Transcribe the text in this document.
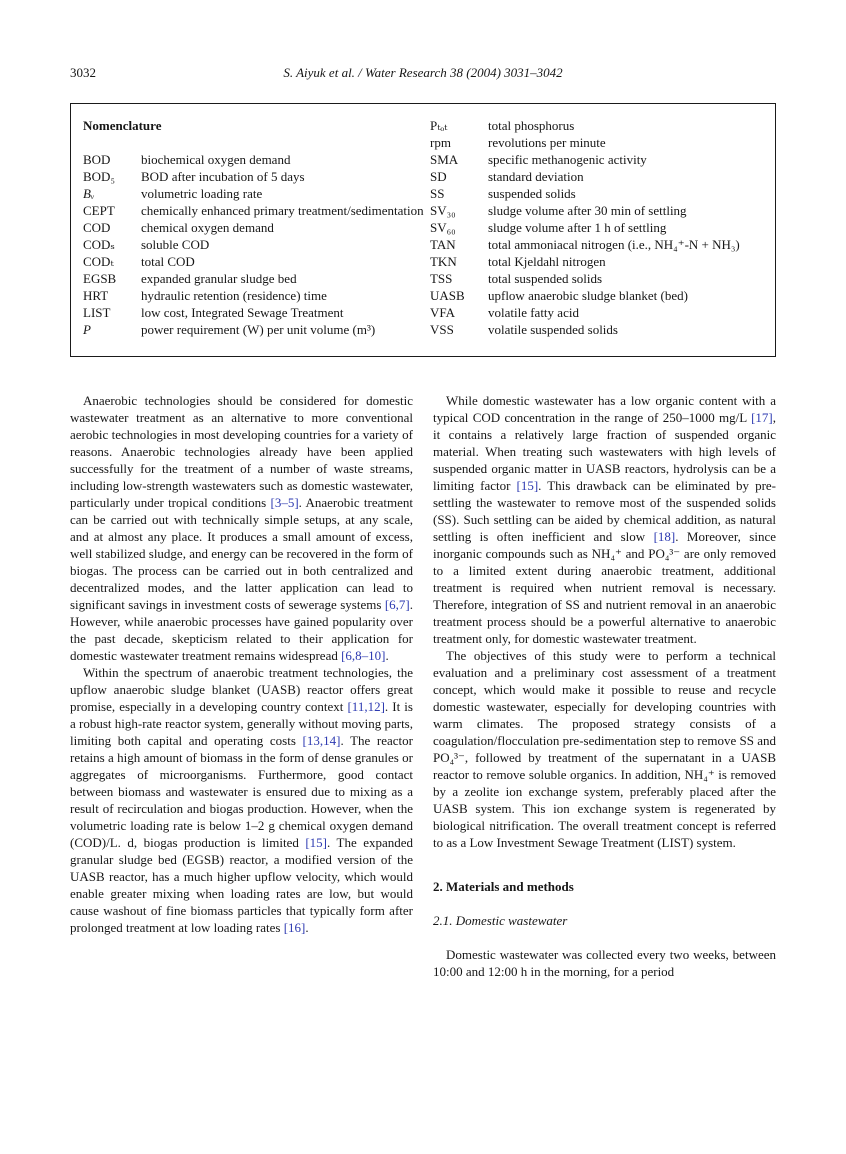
3032	S. Aiyuk et al. / Water Research 38 (2004) 3031–3042
Nomenclature
BOD	biochemical oxygen demand
BOD₅	BOD after incubation of 5 days
Bᵥ	volumetric loading rate
CEPT	chemically enhanced primary treatment/sedimentation
COD	chemical oxygen demand
CODₛ	soluble COD
CODₜ	total COD
EGSB	expanded granular sludge bed
HRT	hydraulic retention (residence) time
LIST	low cost, Integrated Sewage Treatment
P	power requirement (W) per unit volume (m³)
Pₜₒₜ	total phosphorus
rpm	revolutions per minute
SMA	specific methanogenic activity
SD	standard deviation
SS	suspended solids
SV₃₀	sludge volume after 30 min of settling
SV₆₀	sludge volume after 1 h of settling
TAN	total ammoniacal nitrogen (i.e., NH₄⁺-N + NH₃)
TKN	total Kjeldahl nitrogen
TSS	total suspended solids
UASB	upflow anaerobic sludge blanket (bed)
VFA	volatile fatty acid
VSS	volatile suspended solids

Anaerobic technologies should be considered for domestic wastewater treatment as an alternative to more conventional aerobic technologies in most developing countries for a variety of reasons. Anaerobic technologies already have been applied successfully for the treatment of a number of waste streams, including low-strength wastewaters such as domestic wastewater, particularly under tropical conditions [3–5]. Anaerobic treatment can be carried out with technically simple setups, at any scale, and at almost any place. It produces a small amount of excess, well stabilized sludge, and energy can be recovered in the form of biogas. The process can be carried out in both centralized and decentralized modes, and the latter application can lead to significant savings in investment costs of sewerage systems [6,7]. However, while anaerobic processes have gained popularity over the past decade, skepticism related to their application for domestic wastewater treatment remains widespread [6,8–10].

Within the spectrum of anaerobic treatment technologies, the upflow anaerobic sludge blanket (UASB) reactor offers great promise, especially in a developing country context [11,12]. It is a robust high-rate reactor system, generally without moving parts, limiting both capital and operating costs [13,14]. The reactor retains a high amount of biomass in the form of dense granules or aggregates of microorganisms. Furthermore, good contact between biomass and wastewater is ensured due to mixing as a result of recirculation and biogas production. However, when the volumetric loading rate is below 1–2 g chemical oxygen demand (COD)/L. d, biogas production is limited [15]. The expanded granular sludge bed (EGSB) reactor, a modified version of the UASB reactor, has a much higher upflow velocity, which would enable greater mixing when loading rates are low, but would cause washout of fine biomass particles that typically form after prolonged treatment at low loading rates [16].

While domestic wastewater has a low organic content with a typical COD concentration in the range of 250–1000 mg/L [17], it contains a relatively large fraction of suspended organic material. When treating such wastewaters with high levels of suspended organic matter in UASB reactors, hydrolysis can be a limiting factor [15]. This drawback can be eliminated by pre-settling the wastewater to remove most of the suspended solids (SS). Such settling can be aided by chemical addition, as natural settling is often inefficient and slow [18]. Moreover, since inorganic compounds such as NH₄⁺ and PO₄³⁻ are only removed to a limited extent during anaerobic treatment, additional treatment is required when nutrient removal is necessary. Therefore, integration of SS and nutrient removal in an anaerobic treatment process should be a powerful alternative to anaerobic treatment only, for domestic wastewater treatment.

The objectives of this study were to perform a technical evaluation and a preliminary cost assessment of a treatment concept, which would make it possible to reuse and recycle domestic wastewater, especially for developing countries with warm climates. The proposed strategy consists of a coagulation/flocculation pre-sedimentation step to remove SS and PO₄³⁻, followed by treatment of the supernatant in a UASB reactor to remove soluble organics. In addition, NH₄⁺ is removed by a zeolite ion exchange system, preferably placed after the UASB system. This ion exchange system is regenerated by biological nitrification. The overall treatment concept is referred to as a Low Investment Sewage Treatment (LIST) system.

2. Materials and methods
2.1. Domestic wastewater

Domestic wastewater was collected every two weeks, between 10:00 and 12:00 h in the morning, for a period
